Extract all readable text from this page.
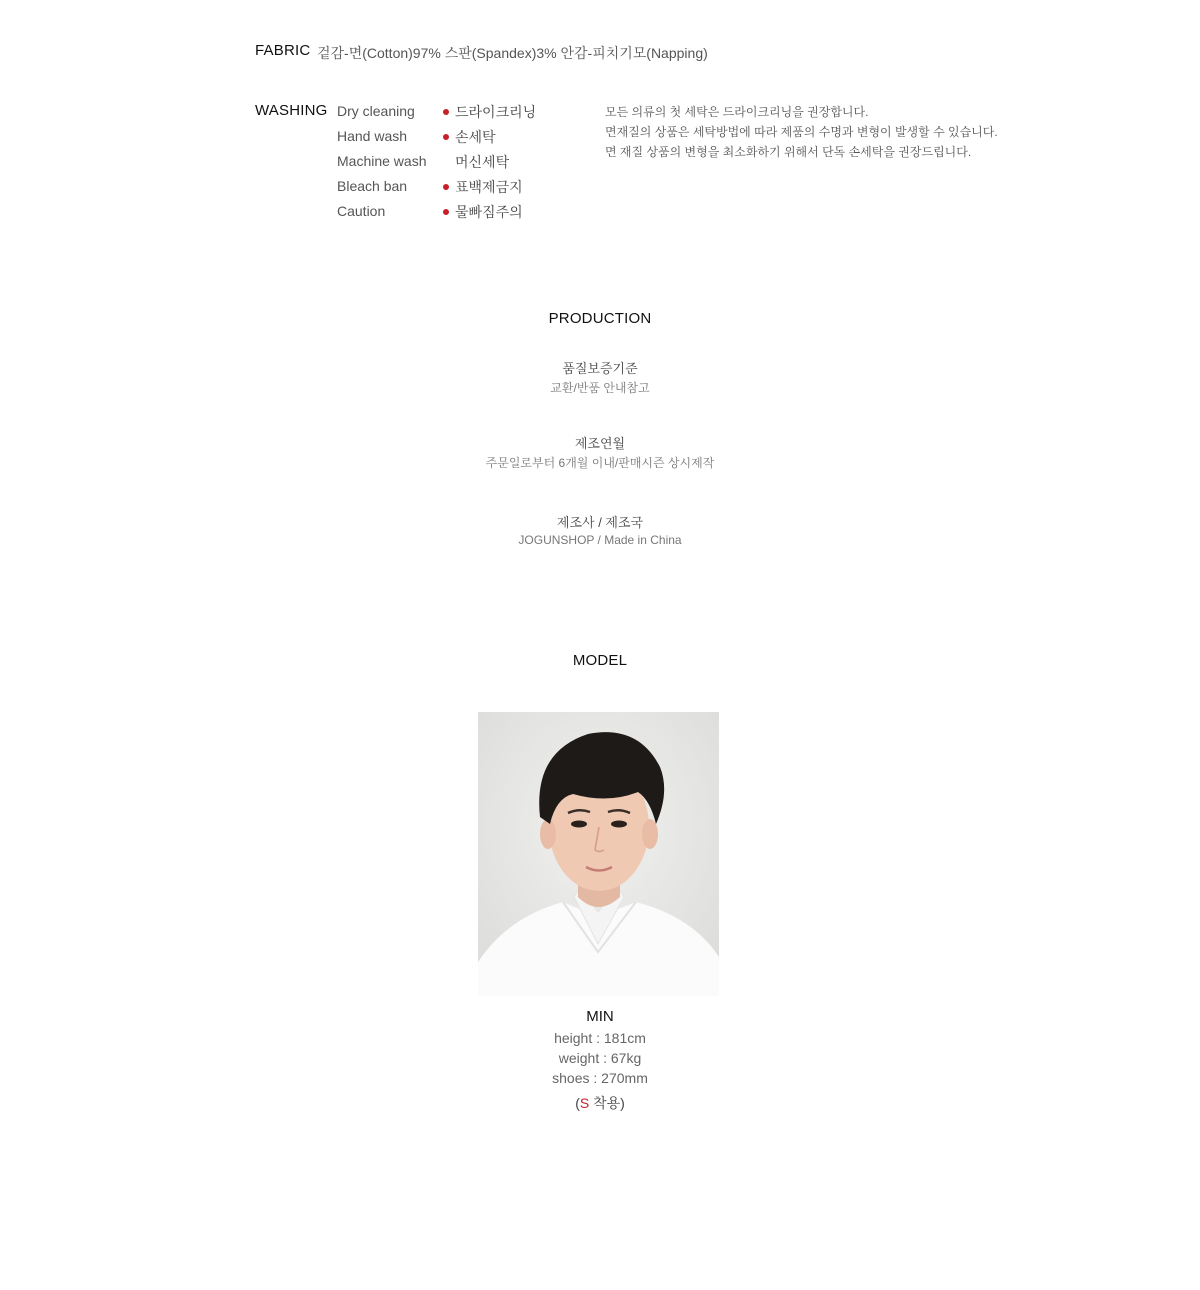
FABRIC 겉감-면(Cotton)97% 스판(Spandex)3% 안감-피치기모(Napping)
WASHING Dry cleaning
Hand wash
Machine wash
Bleach ban
Caution
드라이크리닝
손세탁
머신세탁
표백제금지
물빠짐주의
모든 의류의 첫 세탁은 드라이크리닝을 권장합니다.
면재질의 상품은 세탁방법에 따라 제품의 수명과 변형이 발생할 수 있습니다.
면 재질 상품의 변형을 최소화하기 위해서 단독 손세탁을 권장드립니다.
PRODUCTION
품질보증기준
교환/반품 안내참고
제조연월
주문일로부터 6개월 이내/판매시즌 상시제작
제조사 / 제조국
JOGUNSHOP / Made in China
MODEL
MIN
height : 181cm
weight : 67kg
shoes : 270mm
(S 착용)
